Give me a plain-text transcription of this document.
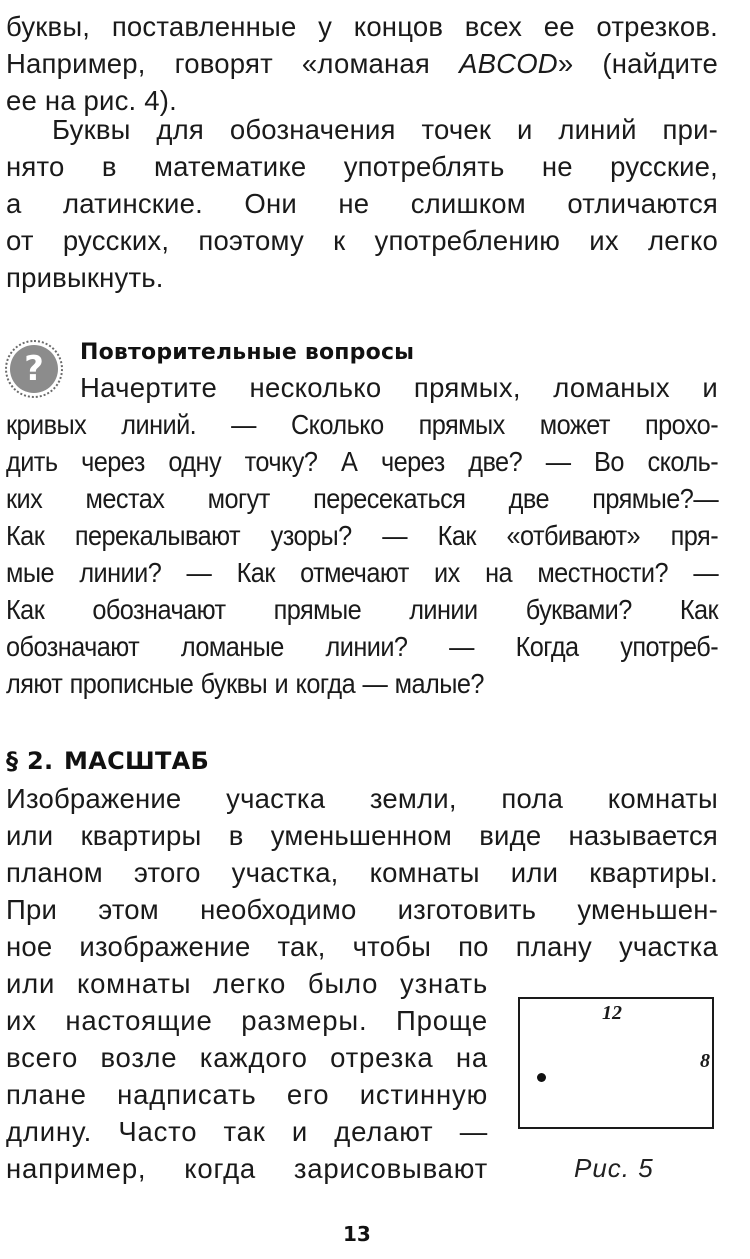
буквы, поставленные у концов всех ее отрезков.
Например, говорят «ломаная ABCOD» (найдите
ее на рис. 4).
Буквы для обозначения точек и линий при-
нято в математике употреблять не русские,
а латинские. Они не слишком отличаются
от русских, поэтому к употреблению их легко
привыкнуть.
?	Повторительные вопросы
Начертите несколько прямых, ломаных и
кривых линий. — Сколько прямых может прохо-
дить через одну точку? А через две? — Во сколь-
ких местах могут пересекаться две прямые?—
Как перекалывают узоры? — Как «отбивают» пря-
мые линии? — Как отмечают их на местности? —
Как обозначают прямые линии буквами? Как
обозначают ломаные линии? — Когда употреб-
ляют прописные буквы и когда — малые?
§ 2. МАСШТАБ
Изображение участка земли, пола комнаты
или квартиры в уменьшенном виде называется
планом этого участка, комнаты или квартиры.
При этом необходимо изготовить уменьшен-
ное изображение так, чтобы по плану участка
или комнаты легко было узнать
их настоящие размеры. Проще
всего возле каждого отрезка на
плане надписать его истинную
длину. Часто так и делают —
например, когда зарисовывают
12
8
Рис. 5
13
